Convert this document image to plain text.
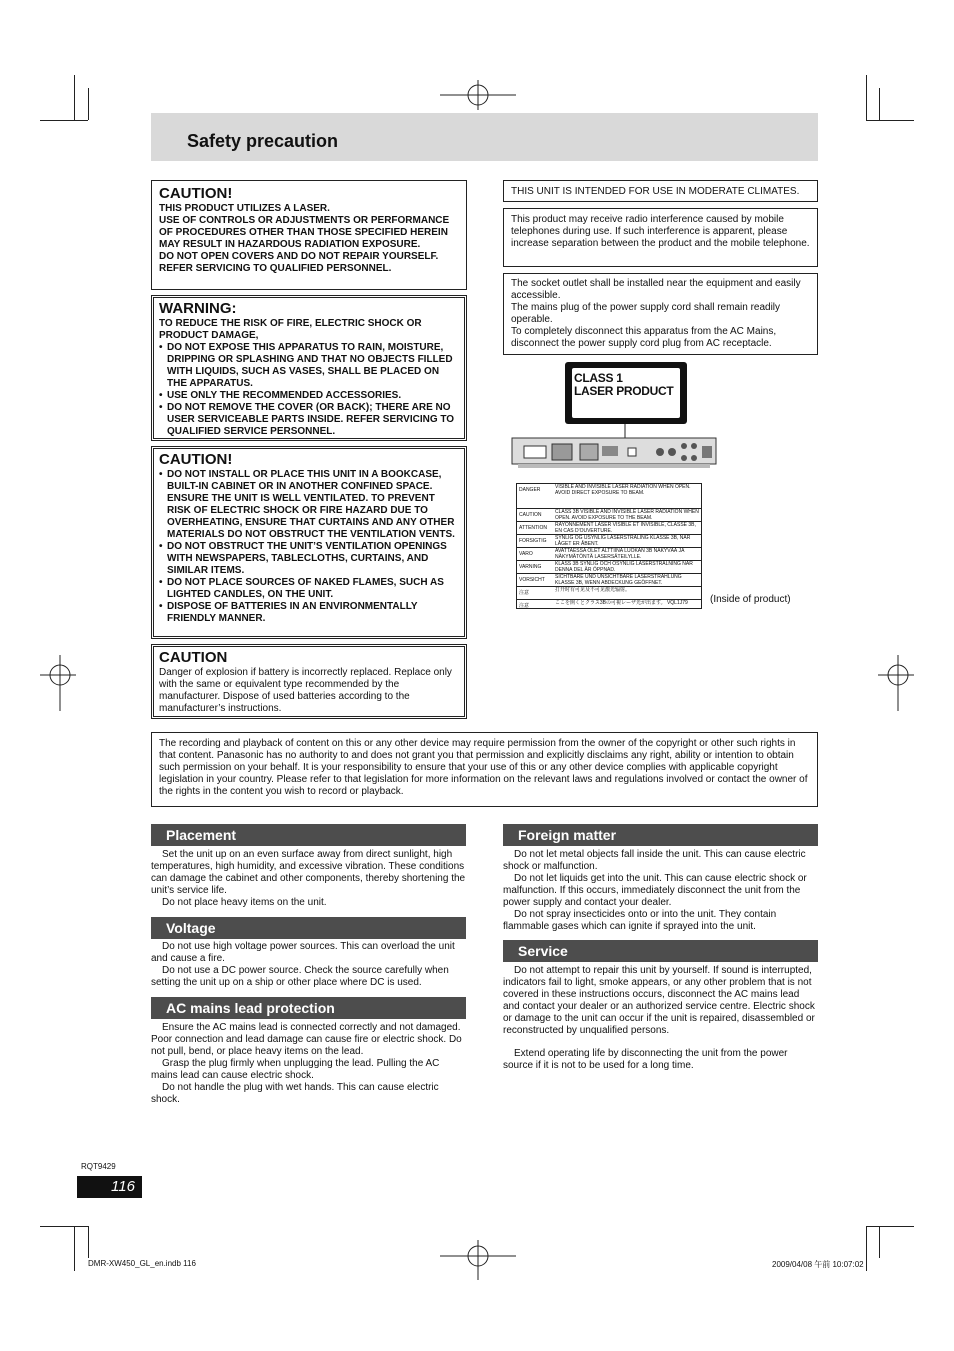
Safety precaution
CAUTION!

THIS PRODUCT UTILIZES A LASER.

USE OF CONTROLS OR ADJUSTMENTS OR PERFORMANCE OF PROCEDURES OTHER THAN THOSE SPECIFIED HEREIN MAY RESULT IN HAZARDOUS RADIATION EXPOSURE.

DO NOT OPEN COVERS AND DO NOT REPAIR YOURSELF. REFER SERVICING TO QUALIFIED PERSONNEL.

WARNING:

TO REDUCE THE RISK OF FIRE, ELECTRIC SHOCK OR PRODUCT DAMAGE,

• DO NOT EXPOSE THIS APPARATUS TO RAIN, MOISTURE, DRIPPING OR SPLASHING AND THAT NO OBJECTS FILLED WITH LIQUIDS, SUCH AS VASES, SHALL BE PLACED ON THE APPARATUS.
• USE ONLY THE RECOMMENDED ACCESSORIES.
• DO NOT REMOVE THE COVER (OR BACK); THERE ARE NO USER SERVICEABLE PARTS INSIDE. REFER SERVICING TO QUALIFIED SERVICE PERSONNEL.
CAUTION!
• DO NOT INSTALL OR PLACE THIS UNIT IN A BOOKCASE, BUILT-IN CABINET OR IN ANOTHER CONFINED SPACE. ENSURE THE UNIT IS WELL VENTILATED. TO PREVENT RISK OF ELECTRIC SHOCK OR FIRE HAZARD DUE TO OVERHEATING, ENSURE THAT CURTAINS AND ANY OTHER MATERIALS DO NOT OBSTRUCT THE VENTILATION VENTS.
• DO NOT OBSTRUCT THE UNIT’S VENTILATION OPENINGS WITH NEWSPAPERS, TABLECLOTHS, CURTAINS, AND SIMILAR ITEMS.
• DO NOT PLACE SOURCES OF NAKED FLAMES, SUCH AS LIGHTED CANDLES, ON THE UNIT.
• DISPOSE OF BATTERIES IN AN ENVIRONMENTALLY FRIENDLY MANNER.
CAUTION

Danger of explosion if battery is incorrectly replaced. Replace only with the same or equivalent type recommended by the manufacturer. Dispose of used batteries according to the manufacturer’s instructions.

THIS UNIT IS INTENDED FOR USE IN MODERATE CLIMATES.

This product may receive radio interference caused by mobile telephones during use. If such interference is apparent, please increase separation between the product and the mobile telephone.

The socket outlet shall be installed near the equipment and easily accessible.

The mains plug of the power supply cord shall remain readily operable.

To completely disconnect this apparatus from the AC Mains, disconnect the power supply cord plug from AC receptacle.

CLASS 1
LASER PRODUCT
DANGER	VISIBLE AND INVISIBLE LASER RADIATION WHEN OPEN. AVOID DIRECT EXPOSURE TO BEAM.
CAUTION	CLASS 3B VISIBLE AND INVISIBLE LASER RADIATION WHEN OPEN. AVOID EXPOSURE TO THE BEAM.
ATTENTION	RAYONNEMENT LASER VISIBLE ET INVISIBLE, CLASSE 3B, EN CAS D'OUVERTURE.
FORSIGTIG	SYNLIG OG USYNLIG LASERSTRÅLING KLASSE 3B, NÅR LÅGET ER ÅBENT.
VARO	AVATTAESSA OLET ALTTIINA LUOKAN 3B NÄKYVÄÄ JA NÄKYMÄTÖNTÄ LASERSÄTEILYLLE.
VARNING	KLASS 3B SYNLIG OCH OSYNLIG LASERSTRÅLNING NÄR DENNA DEL ÄR ÖPPNAD.
VORSICHT	SICHTBARE UND UNSICHTBARE LASERSTRAHLUNG KLASSE 3B, WENN ABDECKUNG GEÖFFNET.
注意	打开时有可见及不可见激光辐射。
注意	ここを開くとクラス3Bの可視レーザ光が出ます。 VQL1J79	(Inside of product)

The recording and playback of content on this or any other device may require permission from the owner of the copyright or other such rights in that content. Panasonic has no authority to and does not grant you that permission and explicitly disclaims any right, ability or intention to obtain such permission on your behalf. It is your responsibility to ensure that your use of this or any other device complies with applicable copyright legislation in your country. Please refer to that legislation for more information on the relevant laws and regulations involved or contact the owner of the rights in the content you wish to record or playback.

Placement

Set the unit up on an even surface away from direct sunlight, high temperatures, high humidity, and excessive vibration. These conditions can damage the cabinet and other components, thereby shortening the unit’s service life.

Do not place heavy items on the unit.

Voltage

Do not use high voltage power sources. This can overload the unit and cause a fire.

Do not use a DC power source. Check the source carefully when setting the unit up on a ship or other place where DC is used.

AC mains lead protection

Ensure the AC mains lead is connected correctly and not damaged. Poor connection and lead damage can cause fire or electric shock. Do not pull, bend, or place heavy items on the lead.

Grasp the plug firmly when unplugging the lead. Pulling the AC mains lead can cause electric shock.

Do not handle the plug with wet hands. This can cause electric shock.

Foreign matter

Do not let metal objects fall inside the unit. This can cause electric shock or malfunction.

Do not let liquids get into the unit. This can cause electric shock or malfunction. If this occurs, immediately disconnect the unit from the power supply and contact your dealer.

Do not spray insecticides onto or into the unit. They contain flammable gases which can ignite if sprayed into the unit.

Service

Do not attempt to repair this unit by yourself. If sound is interrupted, indicators fail to light, smoke appears, or any other problem that is not covered in these instructions occurs, disconnect the AC mains lead and contact your dealer or an authorized service centre. Electric shock or damage to the unit can occur if the unit is repaired, disassembled or reconstructed by unqualified persons.

Extend operating life by disconnecting the unit from the power source if it is not to be used for a long time.

RQT9429
116
DMR-XW450_GL_en.indb 116	2009/04/08 午前 10:07:02
